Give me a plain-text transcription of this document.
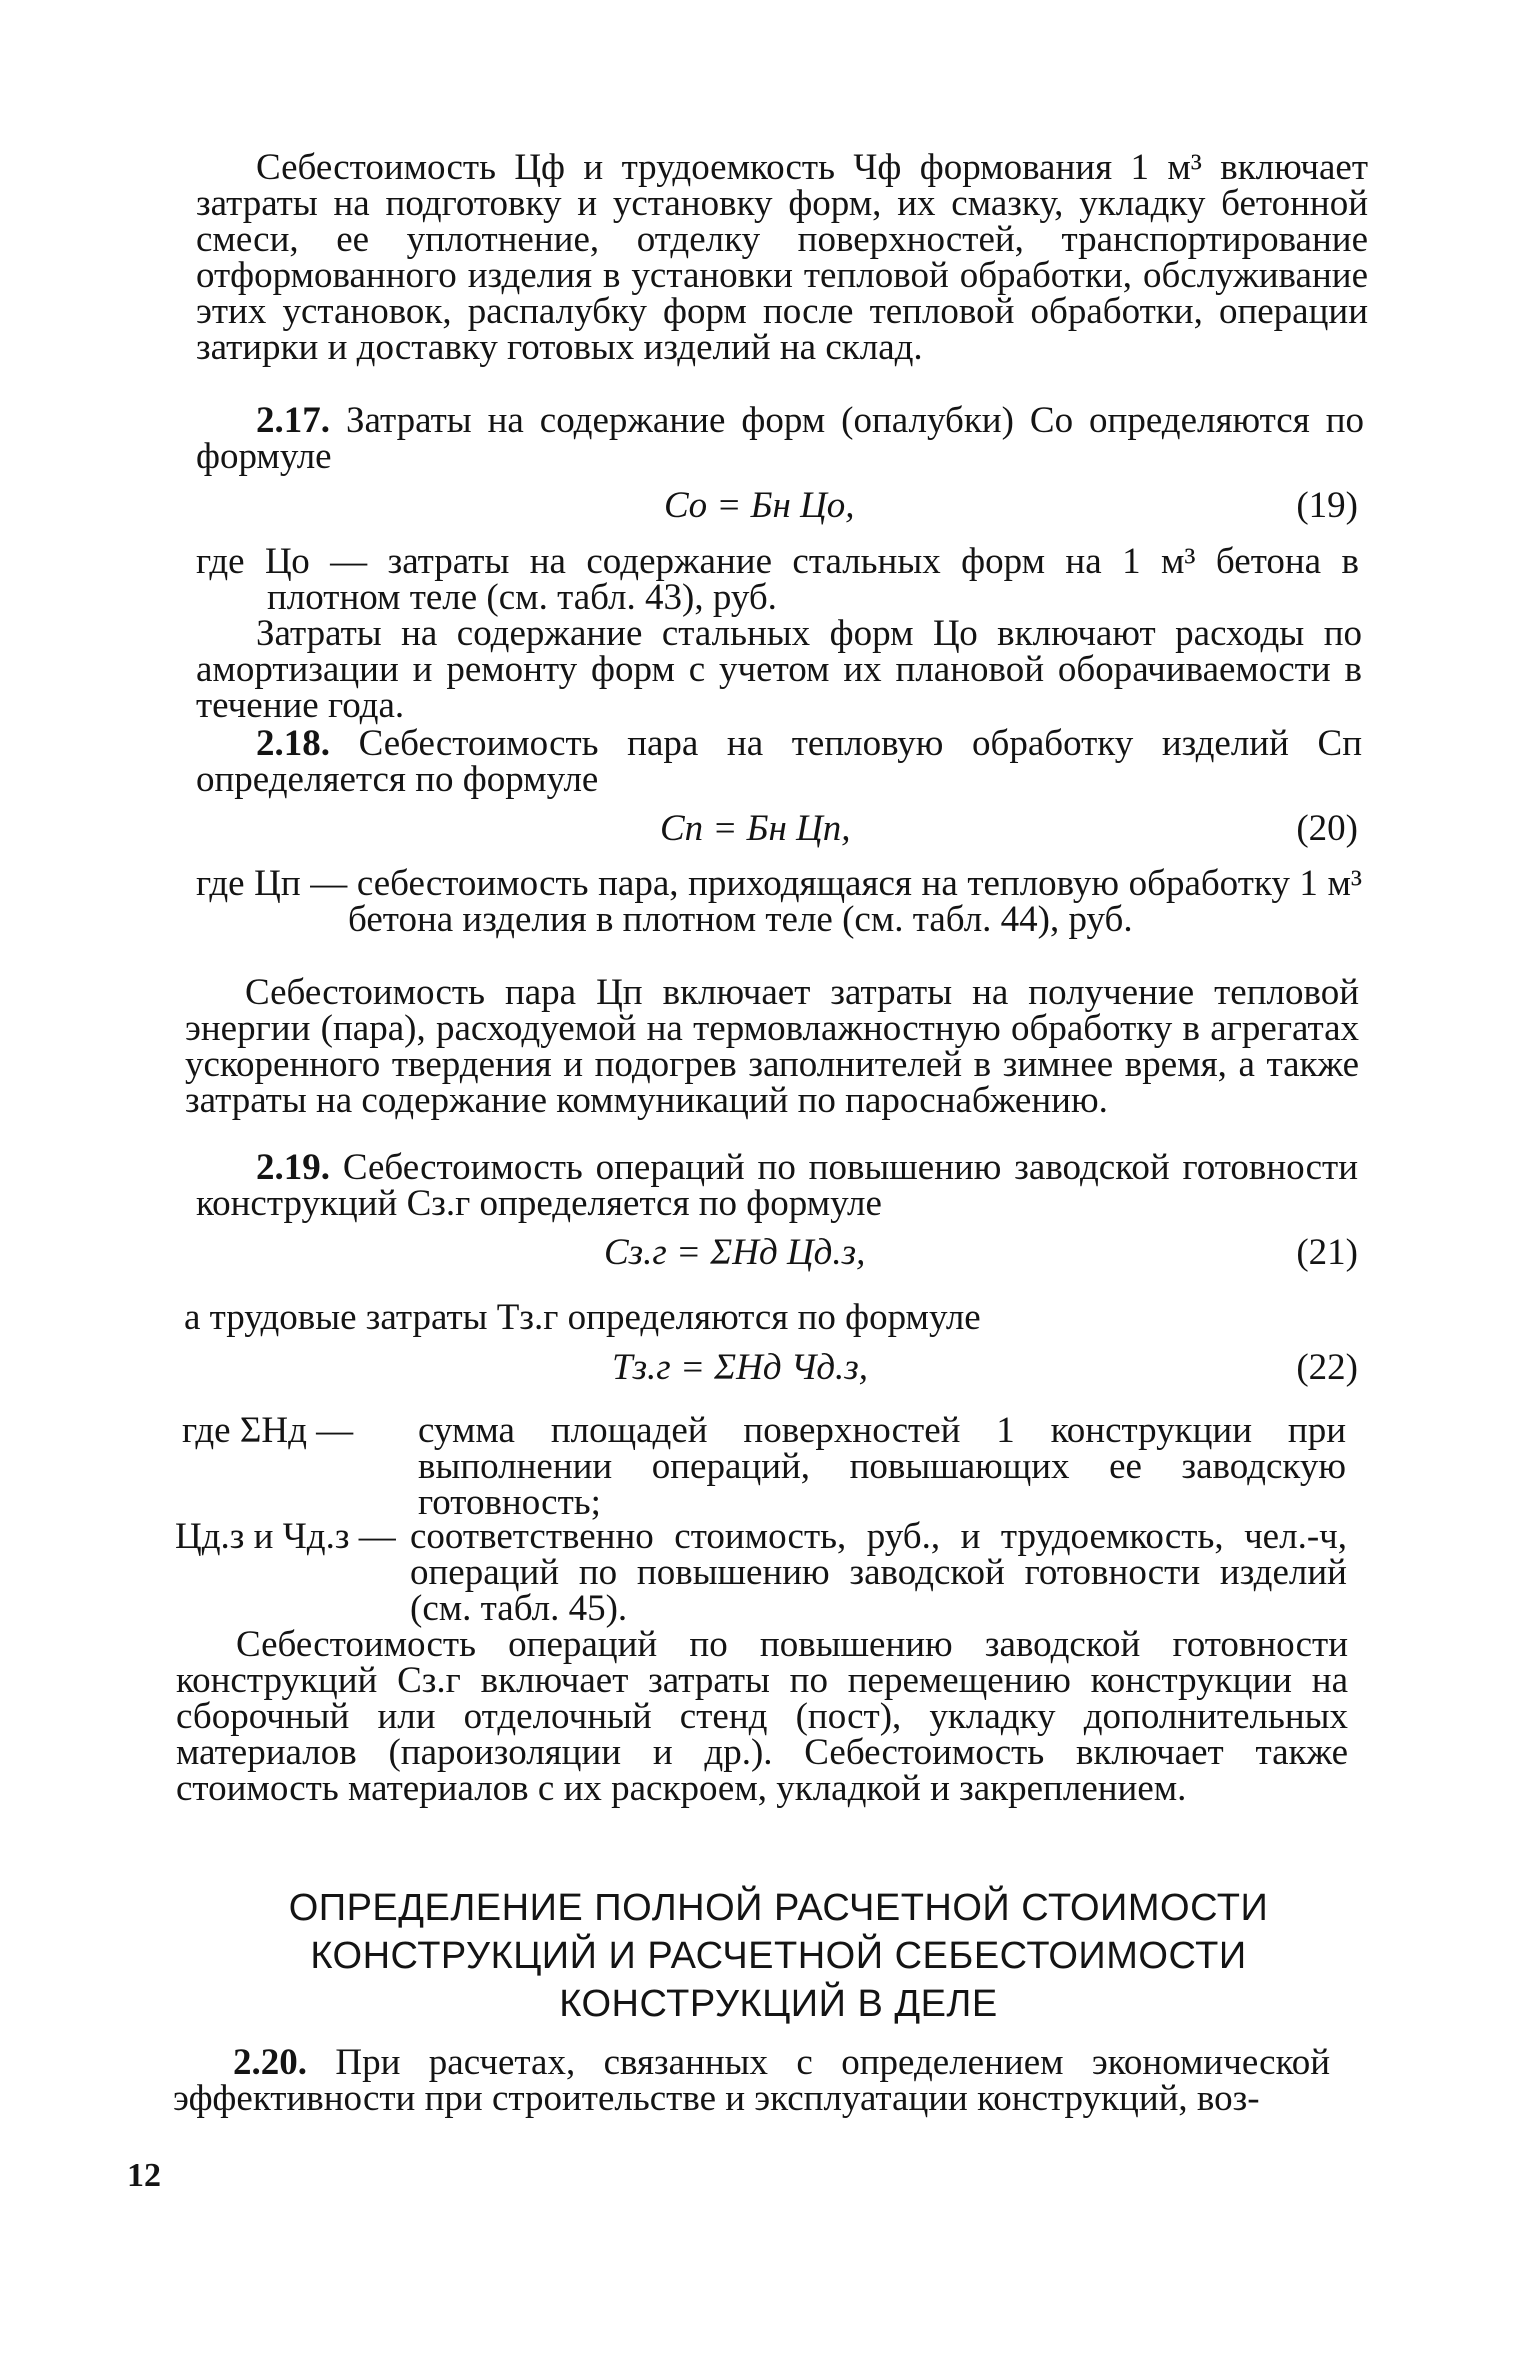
Себестоимость Цф и трудоемкость Чф формования 1 м³ включает затраты на подготовку и установку форм, их смазку, укладку бетонной смеси, ее уплотнение, отделку поверхностей, транспортирование отформованного изделия в установки тепловой обработки, обслуживание этих установок, распалубку форм после тепловой обработки, операции затирки и доставку готовых изделий на склад.
2.17. Затраты на содержание форм (опалубки) Cо определяются по формуле
Cо = Бн Цо,	(19)
где Цо — затраты на содержание стальных форм на 1 м³ бетона в плотном теле (см. табл. 43), руб.
Затраты на содержание стальных форм Цо включают расходы по амортизации и ремонту форм с учетом их плановой оборачиваемости в течение года.
2.18. Себестоимость пара на тепловую обработку изделий Cп определяется по формуле
Cп = Бн Цп,	(20)
где Цп — себестоимость пара, приходящаяся на тепловую обработку 1 м³ бетона изделия в плотном теле (см. табл. 44), руб.
Себестоимость пара Цп включает затраты на получение тепловой энергии (пара), расходуемой на термовлажностную обработку в агрегатах ускоренного твердения и подогрев заполнителей в зимнее время, а также затраты на содержание коммуникаций по пароснабжению.
2.19. Себестоимость операций по повышению заводской готовности конструкций Cз.г определяется по формуле
Cз.г = ΣHд Цд.з,	(21)
а трудовые затраты Tз.г определяются по формуле
Tз.г = ΣHд Чд.з,	(22)
где ΣHд — сумма площадей поверхностей 1 конструкции при выполнении операций, повышающих ее заводскую готовность;
Цд.з и Чд.з — соответственно стоимость, руб., и трудоемкость, чел.-ч, операций по повышению заводской готовности изделий (см. табл. 45).
Себестоимость операций по повышению заводской готовности конструкций Cз.г включает затраты по перемещению конструкции на сборочный или отделочный стенд (пост), укладку дополнительных материалов (пароизоляции и др.). Себестоимость включает также стоимость материалов с их раскроем, укладкой и закреплением.
ОПРЕДЕЛЕНИЕ ПОЛНОЙ РАСЧЕТНОЙ СТОИМОСТИ КОНСТРУКЦИЙ И РАСЧЕТНОЙ СЕБЕСТОИМОСТИ КОНСТРУКЦИЙ В ДЕЛЕ
2.20. При расчетах, связанных с определением экономической эффективности при строительстве и эксплуатации конструкций, воз-
12
